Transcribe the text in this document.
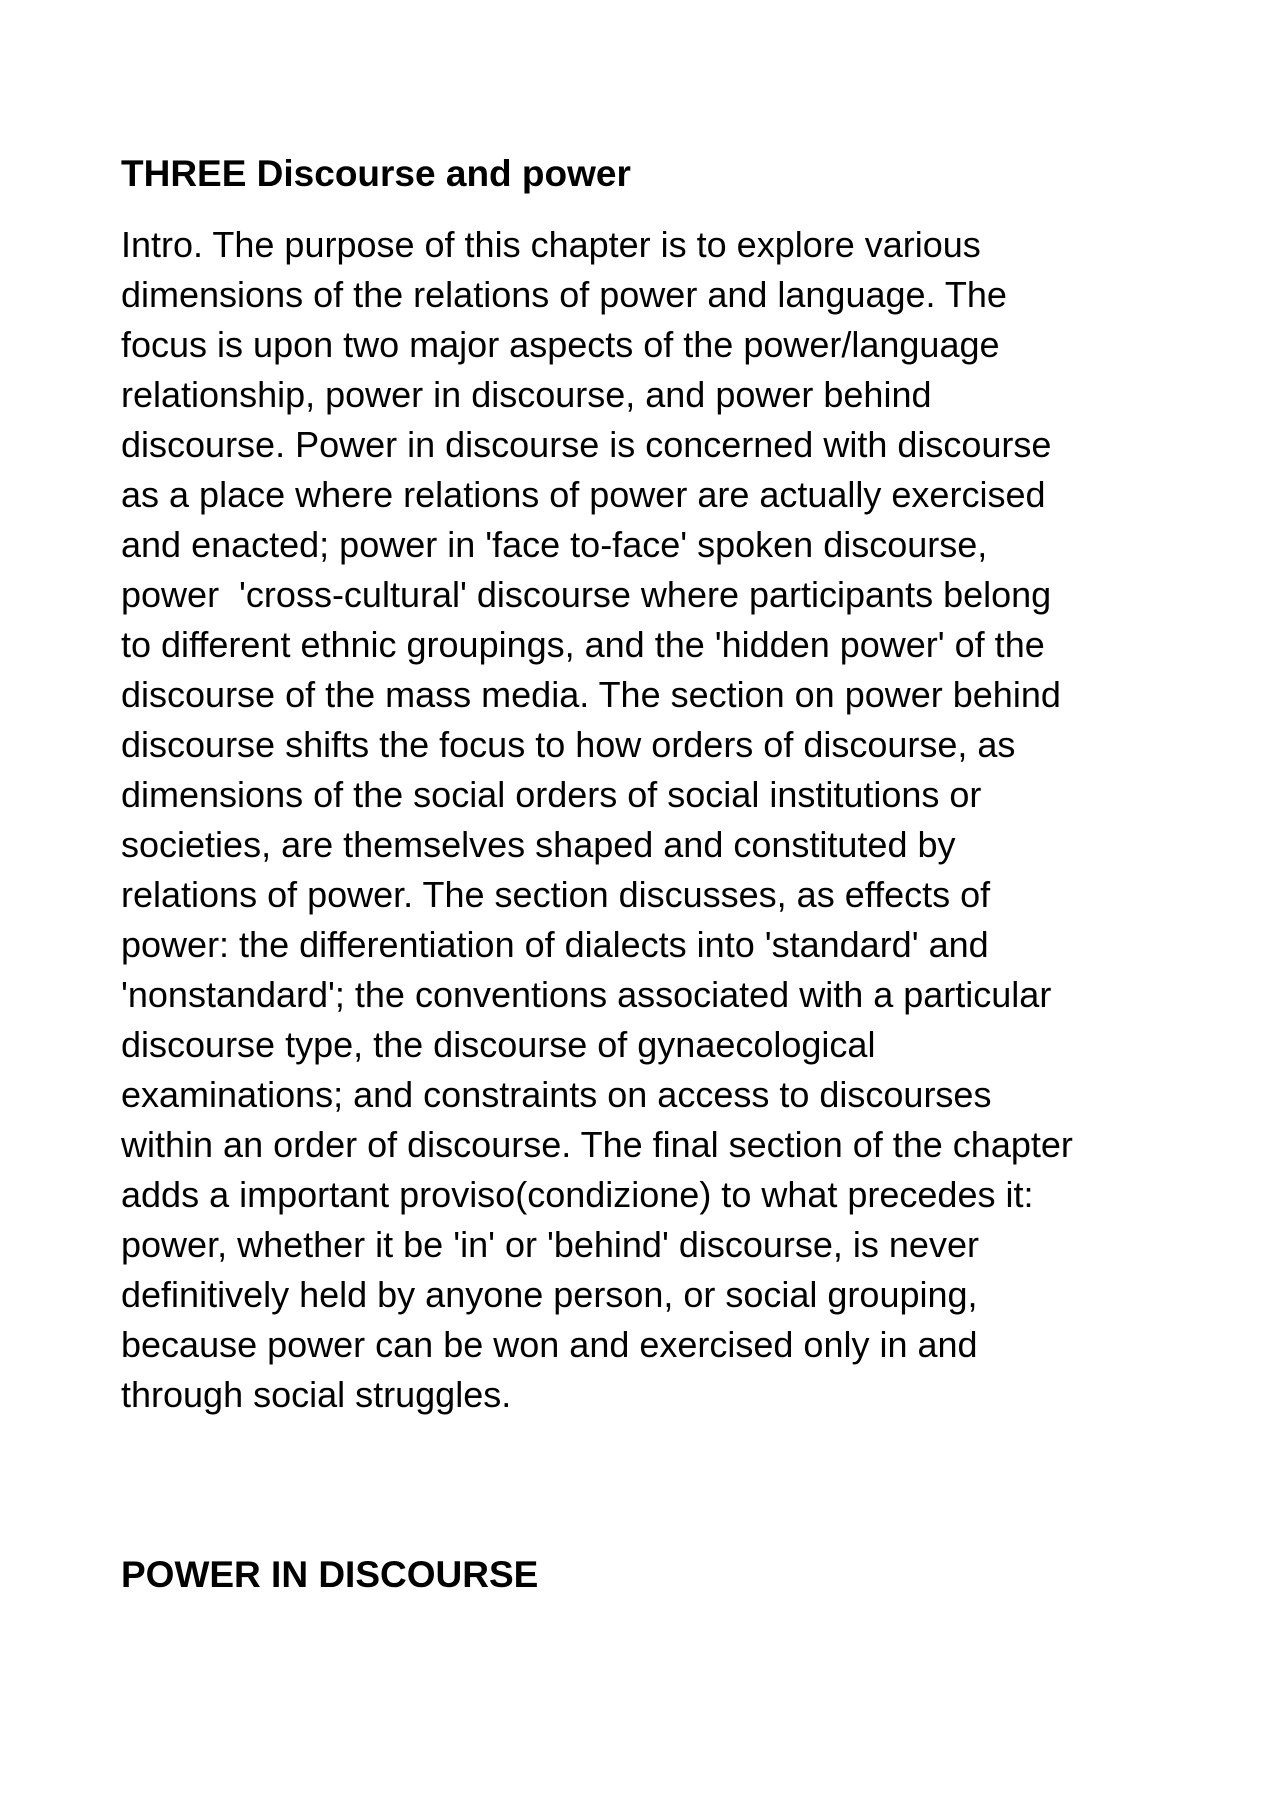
THREE Discourse and power
Intro. The purpose of this chapter is to explore various
dimensions of the relations of power and language. The
focus is upon two major aspects of the power/language
relationship, power in discourse, and power behind
discourse. Power in discourse is concerned with discourse
as a place where relations of power are actually exercised
and enacted; power in 'face to-face' spoken discourse,
power  'cross-cultural' discourse where participants belong
to different ethnic groupings, and the 'hidden power' of the
discourse of the mass media. The section on power behind
discourse shifts the focus to how orders of discourse, as
dimensions of the social orders of social institutions or
societies, are themselves shaped and constituted by
relations of power. The section discusses, as effects of
power: the differentiation of dialects into 'standard' and
'nonstandard'; the conventions associated with a particular
discourse type, the discourse of gynaecological
examinations; and constraints on access to discourses
within an order of discourse. The final section of the chapter
adds a important proviso(condizione) to what precedes it:
power, whether it be 'in' or 'behind' discourse, is never
definitively held by anyone person, or social grouping,
because power can be won and exercised only in and
through social struggles.
POWER IN DISCOURSE
